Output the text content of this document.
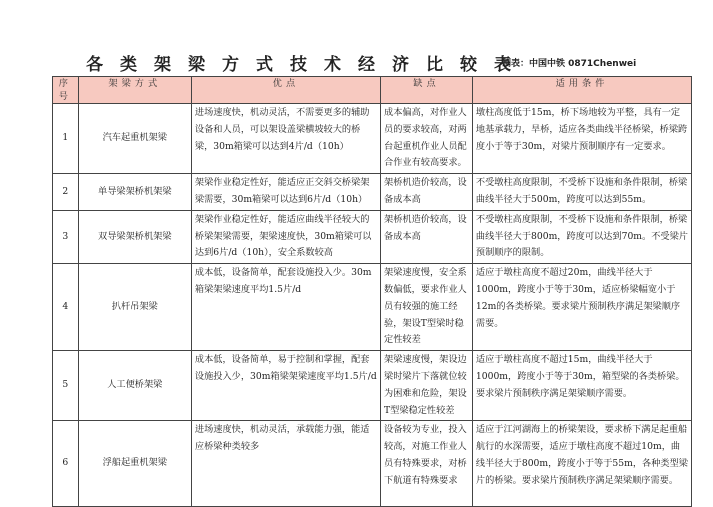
各类架梁方式技术经济比较表
制表：中国中铁 0871Chenwei
序号	架梁方式	优点	缺点	适用条件
1	汽车起重机架梁	进场速度快，机动灵活，不需要更多的辅助设备和人员，可以架设盖梁横坡较大的桥梁，30m箱梁可以达到4片/d（10h）	成本偏高，对作业人员的要求较高，对两台起重机作业人员配合作业有较高要求。	墩柱高度低于15m，桥下场地较为平整，具有一定地基承载力，旱桥，适应各类曲线半径桥梁，桥梁跨度小于等于30m，对梁片预制顺序有一定要求。
2	单导梁架桥机架梁	架梁作业稳定性好，能适应正交斜交桥梁架梁需要，30m箱梁可以达到6片/d（10h）	架桥机造价较高，设备成本高	不受墩柱高度限制，不受桥下设施和条件限制，桥梁曲线半径大于500m，跨度可以达到55m。
3	双导梁架桥机架梁	架梁作业稳定性好，能适应曲线半径较大的桥梁架梁需要，架梁速度快，30m箱梁可以达到6片/d（10h），安全系数较高	架桥机造价较高，设备成本高	不受墩柱高度限制，不受桥下设施和条件限制，桥梁曲线半径大于800m，跨度可以达到70m。不受梁片预制顺序的限制。
4	扒杆吊架梁	成本低，设备简单，配套设施投入少。30m箱梁架梁速度平均1.5片/d	架梁速度慢，安全系数偏低，要求作业人员有较强的施工经验，架设T型梁时稳定性较差	适应于墩柱高度不超过20m，曲线半径大于1000m，跨度小于等于30m，适应桥梁幅宽小于12m的各类桥梁。要求梁片预制秩序满足架梁顺序需要。
5	人工便桥架梁	成本低，设备简单，易于控制和掌握，配套设施投入少，30m箱梁架梁速度平均1.5片/d	架梁速度慢，架设边梁时梁片下落就位较为困难和危险，架设T型梁稳定性较差	适应于墩柱高度不超过15m，曲线半径大于1000m，跨度小于等于30m，箱型梁的各类桥梁。要求梁片预制秩序满足架梁顺序需要。
6	浮船起重机架梁	进场速度快，机动灵活，承载能力强，能适应桥梁种类较多	设备较为专业，投入较高，对施工作业人员有特殊要求，对桥下航道有特殊要求	适应于江河湖海上的桥梁架设，要求桥下满足起重船航行的水深需要，适应于墩柱高度不超过10m，曲线半径大于800m，跨度小于等于55m，各种类型梁片的桥梁。要求梁片预制秩序满足架梁顺序需要。
